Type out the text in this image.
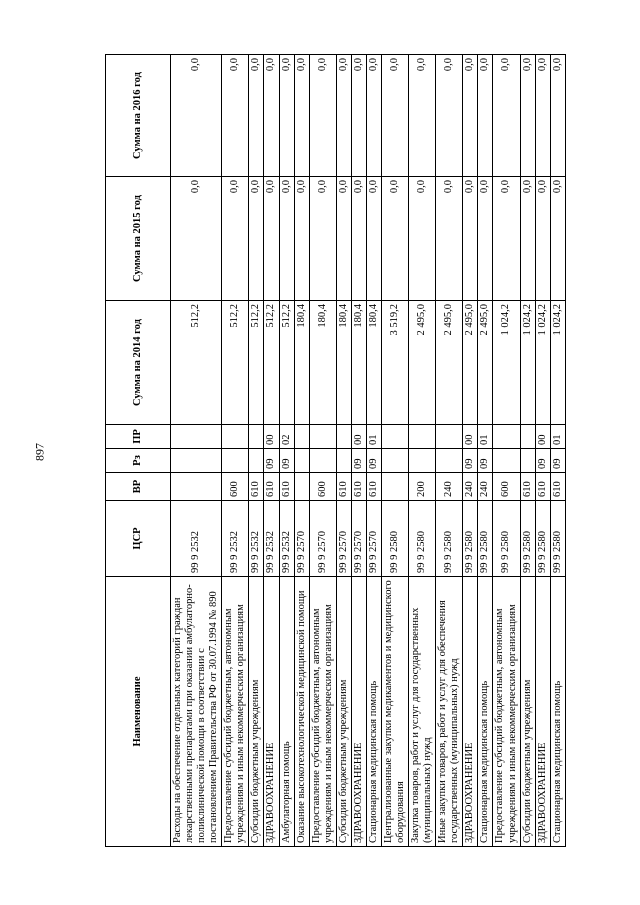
897
Наименование	ЦСР	ВР	Рз	ПР	Сумма на 2014 год	Сумма на 2015 год	Сумма на 2016 год
Расходы на обеспечение отдельных категорий граждан лекарственными препаратами при оказании амбулаторно-поликлинической помощи в соответствии с постановлением Правительства РФ от 30.07.1994 № 890	99 9 2532				512,2	0,0	0,0
Предоставление субсидий бюджетным, автономным учреждениям и иным некоммерческим организациям	99 9 2532	600			512,2	0,0	0,0
Субсидии бюджетным учреждениям	99 9 2532	610			512,2	0,0	0,0
ЗДРАВООХРАНЕНИЕ	99 9 2532	610	09	00	512,2	0,0	0,0
Амбулаторная помощь	99 9 2532	610	09	02	512,2	0,0	0,0
Оказание высокотехнологической медицинской помощи	99 9 2570				180,4	0,0	0,0
Предоставление субсидий бюджетным, автономным учреждениям и иным некоммерческим организациям	99 9 2570	600			180,4	0,0	0,0
Субсидии бюджетным учреждениям	99 9 2570	610			180,4	0,0	0,0
ЗДРАВООХРАНЕНИЕ	99 9 2570	610	09	00	180,4	0,0	0,0
Стационарная медицинская помощь	99 9 2570	610	09	01	180,4	0,0	0,0
Централизованные закупки медикаментов и медицинского оборудования	99 9 2580				3 519,2	0,0	0,0
Закупка товаров, работ и услуг для государственных (муниципальных) нужд	99 9 2580	200			2 495,0	0,0	0,0
Иные закупки товаров, работ и услуг для обеспечения государственных (муниципальных) нужд	99 9 2580	240			2 495,0	0,0	0,0
ЗДРАВООХРАНЕНИЕ	99 9 2580	240	09	00	2 495,0	0,0	0,0
Стационарная медицинская помощь	99 9 2580	240	09	01	2 495,0	0,0	0,0
Предоставление субсидий бюджетным, автономным учреждениям и иным некоммерческим организациям	99 9 2580	600			1 024,2	0,0	0,0
Субсидии бюджетным учреждениям	99 9 2580	610			1 024,2	0,0	0,0
ЗДРАВООХРАНЕНИЕ	99 9 2580	610	09	00	1 024,2	0,0	0,0
Стационарная медицинская помощь	99 9 2580	610	09	01	1 024,2	0,0	0,0
